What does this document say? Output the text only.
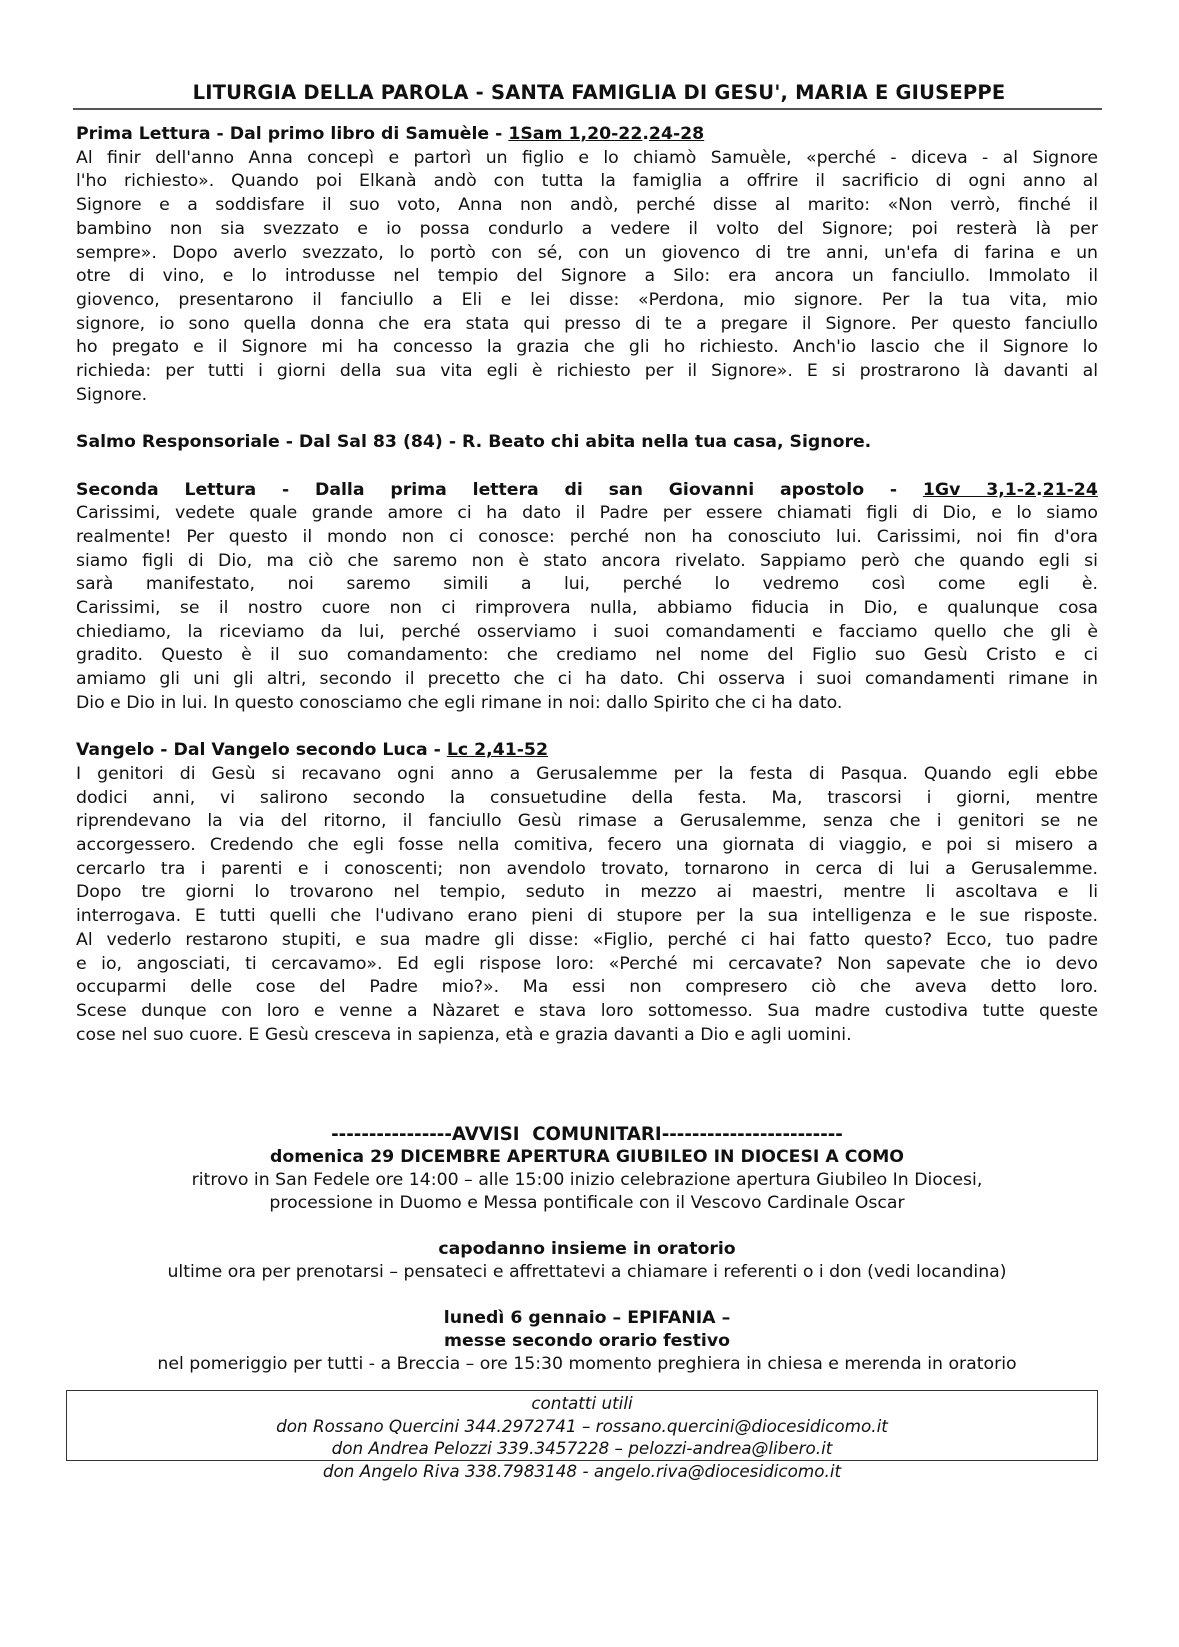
LITURGIA DELLA PAROLA - SANTA FAMIGLIA DI GESU', MARIA E GIUSEPPE

Prima Lettura - Dal primo libro di Samuèle - 1Sam 1,20-22.24-28

Al finir dell'anno Anna concepì e partorì un figlio e lo chiamò Samuèle, «perché - diceva - al Signore
l'ho richiesto». Quando poi Elkanà andò con tutta la famiglia a offrire il sacrificio di ogni anno al
Signore e a soddisfare il suo voto, Anna non andò, perché disse al marito: «Non verrò, finché il
bambino non sia svezzato e io possa condurlo a vedere il volto del Signore; poi resterà là per
sempre». Dopo averlo svezzato, lo portò con sé, con un giovenco di tre anni, un'efa di farina e un
otre di vino, e lo introdusse nel tempio del Signore a Silo: era ancora un fanciullo. Immolato il
giovenco, presentarono il fanciullo a Eli e lei disse: «Perdona, mio signore. Per la tua vita, mio
signore, io sono quella donna che era stata qui presso di te a pregare il Signore. Per questo fanciullo
ho pregato e il Signore mi ha concesso la grazia che gli ho richiesto. Anch'io lascio che il Signore lo
richieda: per tutti i giorni della sua vita egli è richiesto per il Signore». E si prostrarono là davanti al
Signore.

Salmo Responsoriale - Dal Sal 83 (84) - R. Beato chi abita nella tua casa, Signore.

Seconda Lettura - Dalla prima lettera di san Giovanni apostolo - 1Gv 3,1-2.21-24

Carissimi, vedete quale grande amore ci ha dato il Padre per essere chiamati figli di Dio, e lo siamo
realmente! Per questo il mondo non ci conosce: perché non ha conosciuto lui. Carissimi, noi fin d'ora
siamo figli di Dio, ma ciò che saremo non è stato ancora rivelato. Sappiamo però che quando egli si
sarà manifestato, noi saremo simili a lui, perché lo vedremo così come egli è.
Carissimi, se il nostro cuore non ci rimprovera nulla, abbiamo fiducia in Dio, e qualunque cosa
chiediamo, la riceviamo da lui, perché osserviamo i suoi comandamenti e facciamo quello che gli è
gradito. Questo è il suo comandamento: che crediamo nel nome del Figlio suo Gesù Cristo e ci
amiamo gli uni gli altri, secondo il precetto che ci ha dato. Chi osserva i suoi comandamenti rimane in
Dio e Dio in lui. In questo conosciamo che egli rimane in noi: dallo Spirito che ci ha dato.

Vangelo - Dal Vangelo secondo Luca - Lc 2,41-52

I genitori di Gesù si recavano ogni anno a Gerusalemme per la festa di Pasqua. Quando egli ebbe
dodici anni, vi salirono secondo la consuetudine della festa. Ma, trascorsi i giorni, mentre
riprendevano la via del ritorno, il fanciullo Gesù rimase a Gerusalemme, senza che i genitori se ne
accorgessero. Credendo che egli fosse nella comitiva, fecero una giornata di viaggio, e poi si misero a
cercarlo tra i parenti e i conoscenti; non avendolo trovato, tornarono in cerca di lui a Gerusalemme.
Dopo tre giorni lo trovarono nel tempio, seduto in mezzo ai maestri, mentre li ascoltava e li
interrogava. E tutti quelli che l'udivano erano pieni di stupore per la sua intelligenza e le sue risposte.
Al vederlo restarono stupiti, e sua madre gli disse: «Figlio, perché ci hai fatto questo? Ecco, tuo padre
e io, angosciati, ti cercavamo». Ed egli rispose loro: «Perché mi cercavate? Non sapevate che io devo
occuparmi delle cose del Padre mio?». Ma essi non compresero ciò che aveva detto loro.
Scese dunque con loro e venne a Nàzaret e stava loro sottomesso. Sua madre custodiva tutte queste
cose nel suo cuore. E Gesù cresceva in sapienza, età e grazia davanti a Dio e agli uomini.
----------------AVVISI  COMUNITARI------------------------
domenica 29 DICEMBRE APERTURA GIUBILEO IN DIOCESI A COMO
ritrovo in San Fedele ore 14:00 – alle 15:00 inizio celebrazione apertura Giubileo In Diocesi,
processione in Duomo e Messa pontificale con il Vescovo Cardinale Oscar
capodanno insieme in oratorio
ultime ora per prenotarsi – pensateci e affrettatevi a chiamare i referenti o i don (vedi locandina)
lunedì 6 gennaio – EPIFANIA –
messe secondo orario festivo
nel pomeriggio per tutti - a Breccia – ore 15:30 momento preghiera in chiesa e merenda in oratorio
contatti utili
don Rossano Quercini 344.2972741 – rossano.quercini@diocesidicomo.it
don Andrea Pelozzi 339.3457228 – pelozzi-andrea@libero.it
don Angelo Riva 338.7983148 - angelo.riva@diocesidicomo.it
